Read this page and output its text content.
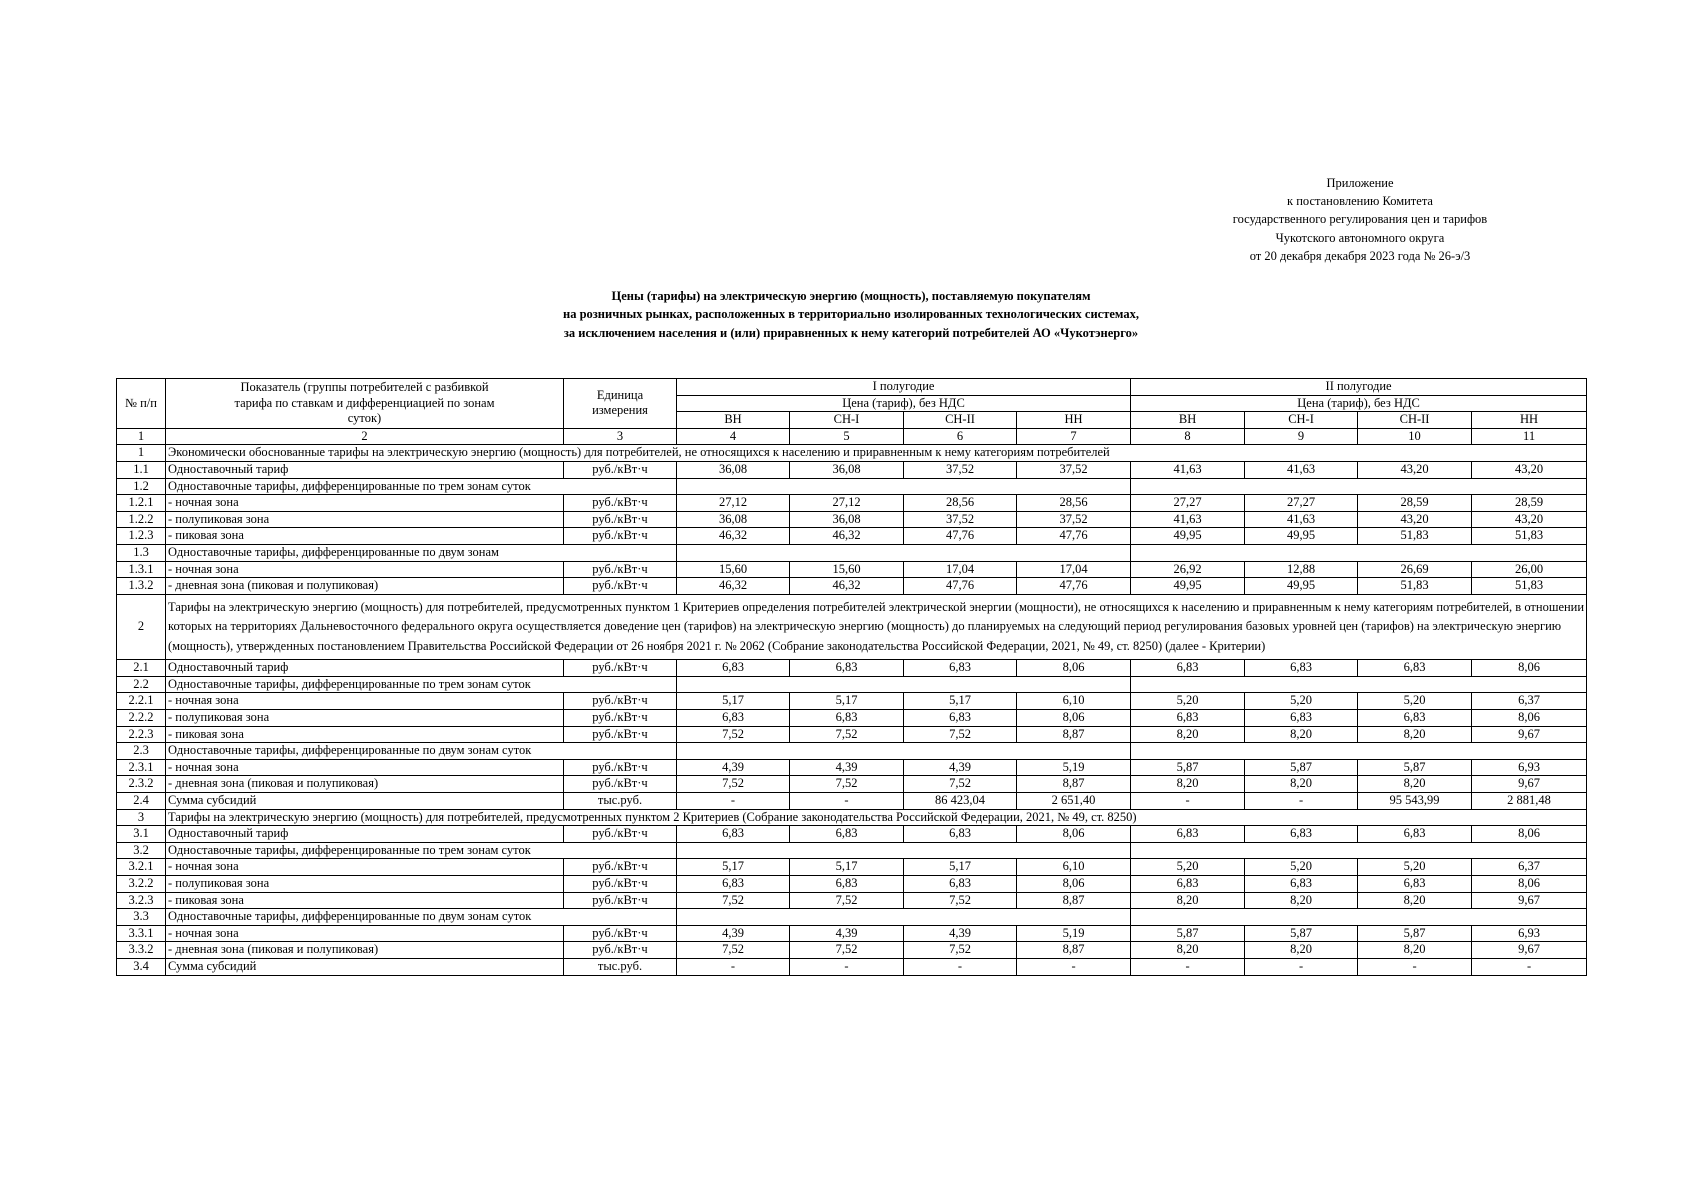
Приложение
к постановлению Комитета
государственного регулирования цен и тарифов
Чукотского автономного округа
от 20 декабря декабря 2023 года № 26-э/3
Цены (тарифы) на электрическую энергию (мощность), поставляемую покупателям
на розничных рынках, расположенных в территориально изолированных технологических системах,
за исключением населения и (или) приравненных к нему категорий потребителей АО «Чукотэнерго»
№ п/п	Показатель (группы потребителей с разбивкой тарифа по ставкам и дифференциацией по зонам суток)	Единица измерения	I полугодие				II полугодие			
			Цена (тариф), без НДС				Цена (тариф), без НДС			
			ВН	СН-I	СН-II	НН	ВН	СН-I	СН-II	НН
1	2	3	4	5	6	7	8	9	10	11
1	Экономически обоснованные тарифы на электрическую энергию (мощность) для потребителей, не относящихся к населению и приравненным к нему категориям потребителей									
1.1	Одноставочный тариф	руб./кВт·ч	36,08	36,08	37,52	37,52	41,63	41,63	43,20	43,20
1.2	Одноставочные тарифы, дифференцированные по трем зонам суток									
1.2.1	- ночная зона	руб./кВт·ч	27,12	27,12	28,56	28,56	27,27	27,27	28,59	28,59
1.2.2	- полупиковая зона	руб./кВт·ч	36,08	36,08	37,52	37,52	41,63	41,63	43,20	43,20
1.2.3	- пиковая зона	руб./кВт·ч	46,32	46,32	47,76	47,76	49,95	49,95	51,83	51,83
1.3	Одноставочные тарифы, дифференцированные по двум зонам									
1.3.1	- ночная зона	руб./кВт·ч	15,60	15,60	17,04	17,04	26,92	12,88	26,69	26,00
1.3.2	- дневная зона (пиковая и полупиковая)	руб./кВт·ч	46,32	46,32	47,76	47,76	49,95	49,95	51,83	51,83
2	Тарифы на электрическую энергию (мощность) для потребителей, предусмотренных пунктом 1 Критериев определения потребителей электрической энергии (мощности), не относящихся к населению и приравненным к нему категориям потребителей, в отношении которых на территориях Дальневосточного федерального округа осуществляется доведение цен (тарифов) на электрическую энергию (мощность) до планируемых на следующий период регулирования базовых уровней цен (тарифов) на электрическую энергию (мощность), утвержденных постановлением Правительства Российской Федерации от 26 ноября 2021 г. № 2062 (Собрание законодательства Российской Федерации, 2021, № 49, ст. 8250) (далее - Критерии)									
2.1	Одноставочный тариф	руб./кВт·ч	6,83	6,83	6,83	8,06	6,83	6,83	6,83	8,06
2.2	Одноставочные тарифы, дифференцированные по трем зонам суток									
2.2.1	- ночная зона	руб./кВт·ч	5,17	5,17	5,17	6,10	5,20	5,20	5,20	6,37
2.2.2	- полупиковая зона	руб./кВт·ч	6,83	6,83	6,83	8,06	6,83	6,83	6,83	8,06
2.2.3	- пиковая зона	руб./кВт·ч	7,52	7,52	7,52	8,87	8,20	8,20	8,20	9,67
2.3	Одноставочные тарифы, дифференцированные по двум зонам суток									
2.3.1	- ночная зона	руб./кВт·ч	4,39	4,39	4,39	5,19	5,87	5,87	5,87	6,93
2.3.2	- дневная зона (пиковая и полупиковая)	руб./кВт·ч	7,52	7,52	7,52	8,87	8,20	8,20	8,20	9,67
2.4	Сумма субсидий	тыс.руб.	-	-	86 423,04	2 651,40	-	-	95 543,99	2 881,48
3	Тарифы на электрическую энергию (мощность) для потребителей, предусмотренных пунктом 2 Критериев (Собрание законодательства Российской Федерации, 2021, № 49, ст. 8250)									
3.1	Одноставочный тариф	руб./кВт·ч	6,83	6,83	6,83	8,06	6,83	6,83	6,83	8,06
3.2	Одноставочные тарифы, дифференцированные по трем зонам суток									
3.2.1	- ночная зона	руб./кВт·ч	5,17	5,17	5,17	6,10	5,20	5,20	5,20	6,37
3.2.2	- полупиковая зона	руб./кВт·ч	6,83	6,83	6,83	8,06	6,83	6,83	6,83	8,06
3.2.3	- пиковая зона	руб./кВт·ч	7,52	7,52	7,52	8,87	8,20	8,20	8,20	9,67
3.3	Одноставочные тарифы, дифференцированные по двум зонам суток									
3.3.1	- ночная зона	руб./кВт·ч	4,39	4,39	4,39	5,19	5,87	5,87	5,87	6,93
3.3.2	- дневная зона (пиковая и полупиковая)	руб./кВт·ч	7,52	7,52	7,52	8,87	8,20	8,20	8,20	9,67
3.4	Сумма субсидий	тыс.руб.	-	-	-	-	-	-	-	-
